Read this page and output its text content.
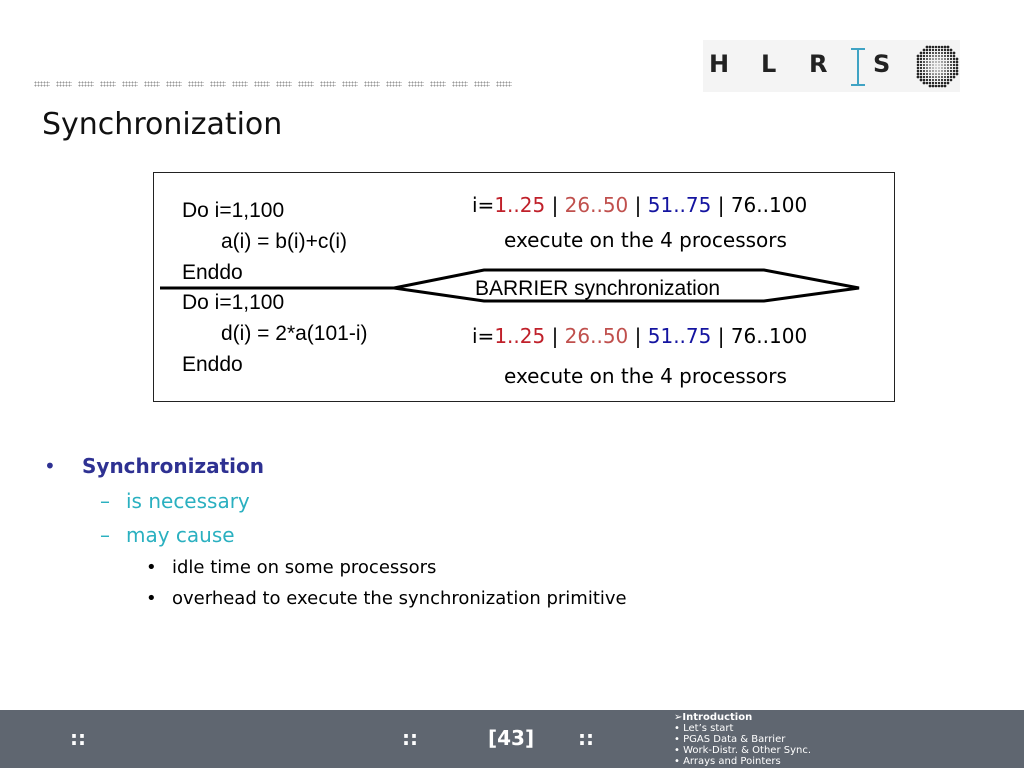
H L R S
Synchronization
Do i=1,100
a(i) = b(i)+c(i)
Enddo
Do i=1,100
d(i) = 2*a(101-i)
Enddo
i=1..25 | 26..50 | 51..75 | 76..100
execute on the 4 processors
BARRIER synchronization
i=1..25 | 26..50 | 51..75 | 76..100
execute on the 4 processors
• Synchronization
– is necessary
– may cause
• idle time on some processors
• overhead to execute the synchronization primitive
::	::	[43] ::
➢Introduction
• Let’s start
• PGAS Data & Barrier
• Work-Distr. & Other Sync.
• Arrays and Pointers
